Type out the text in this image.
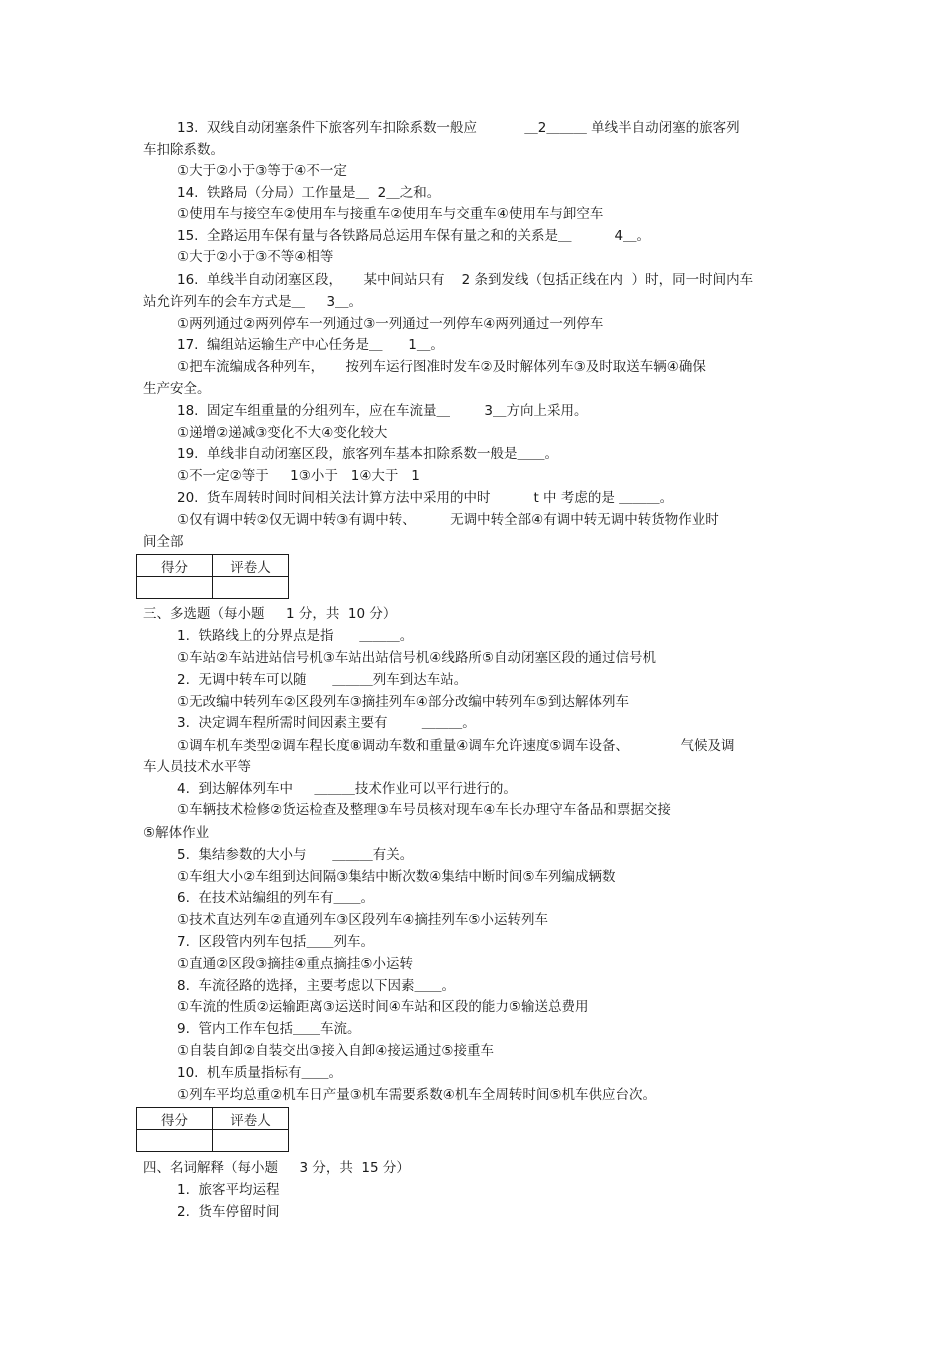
13.  双线自动闭塞条件下旅客列车扣除系数一般应           ＿2＿＿＿ 单线半自动闭塞的旅客列
车扣除系数。
①大于②小于③等于④不一定
14.  铁路局（分局）工作量是＿  2＿之和。
①使用车与接空车②使用车与接重车②使用车与交重车④使用车与卸空车
15.  全路运用车保有量与各铁路局总运用车保有量之和的关系是＿          4＿。
①大于②小于③不等④相等
16.  单线半自动闭塞区段，     某中间站只有    2 条到发线（包括正线在内  ）时，同一时间内车
站允许列车的会车方式是＿     3＿。
①两列通过②两列停车一列通过③一列通过一列停车④两列通过一列停车
17.  编组站运输生产中心任务是＿      1＿。
①把车流编成各种列车，     按列车运行图准时发车②及时解体列车③及时取送车辆④确保
生产安全。
18.  固定车组重量的分组列车，应在车流量＿        3＿方向上采用。
①递增②递减③变化不大④变化较大
19.  单线非自动闭塞区段，旅客列车基本扣除系数一般是＿＿。
①不一定②等于     1③小于   1④大于   1
20.  货车周转时间时间相关法计算方法中采用的中时          t 中 考虑的是 ＿＿＿。
①仅有调中转②仅无调中转③有调中转、        无调中转全部④有调中转无调中转货物作业时
间全部
得分	评卷人

三、多选题（每小题     1 分，共  10 分）
1.  铁路线上的分界点是指      ＿＿＿。
①车站②车站进站信号机③车站出站信号机④线路所⑤自动闭塞区段的通过信号机
2.  无调中转车可以随      ＿＿＿列车到达车站。
①无改编中转列车②区段列车③摘挂列车④部分改编中转列车⑤到达解体列车
3.  决定调车程所需时间因素主要有        ＿＿＿。
①调车机车类型②调车程长度⑧调动车数和重量④调车允许速度⑤调车设备、            气候及调
车人员技术水平等
4.  到达解体列车中     ＿＿＿技术作业可以平行进行的。
①车辆技术检修②货运检查及整理③车号员核对现车④车长办理守车备品和票据交接
⑤解体作业
5.  集结参数的大小与      ＿＿＿有关。
①车组大小②车组到达间隔③集结中断次数④集结中断时间⑤车列编成辆数
6.  在技术站编组的列车有＿＿。
①技术直达列车②直通列车③区段列车④摘挂列车⑤小运转列车
7.  区段管内列车包括＿＿列车。
①直通②区段③摘挂④重点摘挂⑤小运转
8.  车流径路的选择，主要考虑以下因素＿＿。
①车流的性质②运输距离③运送时间④车站和区段的能力⑤输送总费用
9.  管内工作车包括＿＿车流。
①自装自卸②自装交出③接入自卸④接运通过⑤接重车
10.  机车质量指标有＿＿。
①列车平均总重②机车日产量③机车需要系数④机车全周转时间⑤机车供应台次。
得分	评卷人

四、名词解释（每小题     3 分，共  15 分）
1.  旅客平均运程
2.  货车停留时间
